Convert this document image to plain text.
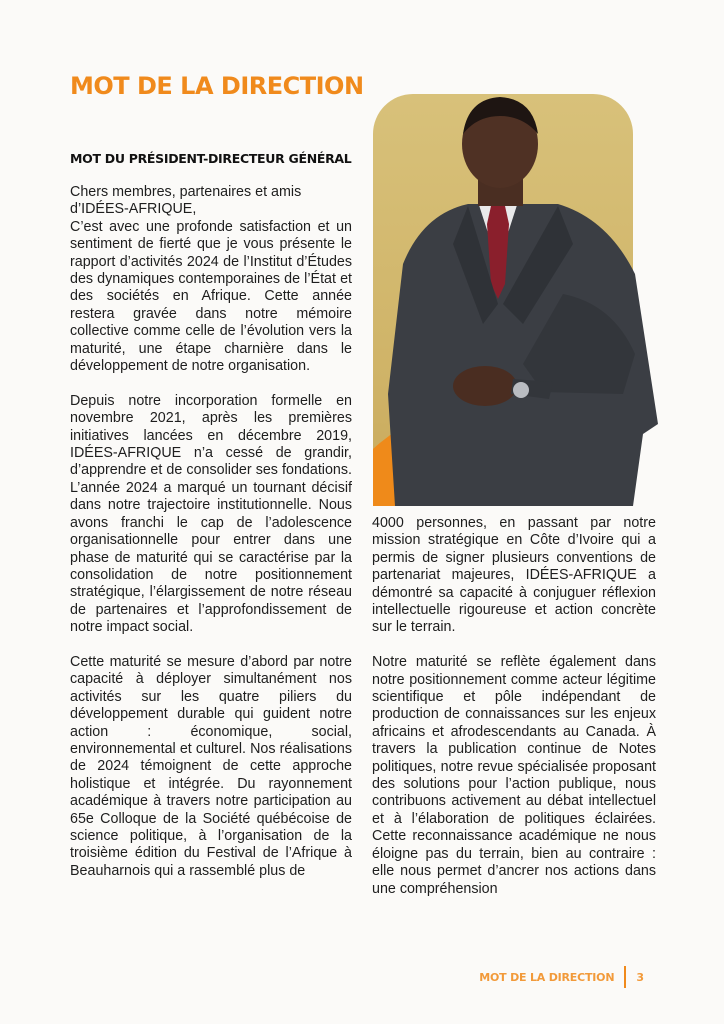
MOT DE LA DIRECTION
MOT DU PRÉSIDENT-DIRECTEUR GÉNÉRAL

Chers membres, partenaires et amis d’IDÉES-AFRIQUE,

C’est avec une profonde satisfaction et un sentiment de fierté que je vous présente le rapport d’activités 2024 de l’Institut d’Études des dynamiques contemporaines de l’État et des sociétés en Afrique. Cette année restera gravée dans notre mémoire collective comme celle de l’évolution vers la maturité, une étape charnière dans le développement de notre organisation.

Depuis notre incorporation formelle en novembre 2021, après les premières initiatives lancées en décembre 2019, IDÉES-AFRIQUE n’a cessé de grandir, d’apprendre et de consolider ses fondations. L’année 2024 a marqué un tournant décisif dans notre trajectoire institutionnelle. Nous avons franchi le cap de l’adolescence organisationnelle pour entrer dans une phase de maturité qui se caractérise par la consolidation de notre positionnement stratégique, l’élargissement de notre réseau de partenaires et l’approfondissement de notre impact social.

Cette maturité se mesure d’abord par notre capacité à déployer simultanément nos activités sur les quatre piliers du développement durable qui guident notre action : économique, social, environnemental et culturel. Nos réalisations de 2024 témoignent de cette approche holistique et intégrée. Du rayonnement académique à travers notre participation au 65e Colloque de la Société québécoise de science politique, à l’organisation de la troisième édition du Festival de l’Afrique à Beauharnois qui a rassemblé plus de

4000 personnes, en passant par notre mission stratégique en Côte d’Ivoire qui a permis de signer plusieurs conventions de partenariat majeures, IDÉES-AFRIQUE a démontré sa capacité à conjuguer réflexion intellectuelle rigoureuse et action concrète sur le terrain.

Notre maturité se reflète également dans notre positionnement comme acteur légitime scientifique et pôle indépendant de production de connaissances sur les enjeux africains et afrodescendants au Canada. À travers la publication continue de Notes politiques, notre revue spécialisée proposant des solutions pour l’action publique, nous contribuons activement au débat intellectuel et à l’élaboration de politiques éclairées. Cette reconnaissance académique ne nous éloigne pas du terrain, bien au contraire : elle nous permet d’ancrer nos actions dans une compréhension

MOT DE LA DIRECTION 3
